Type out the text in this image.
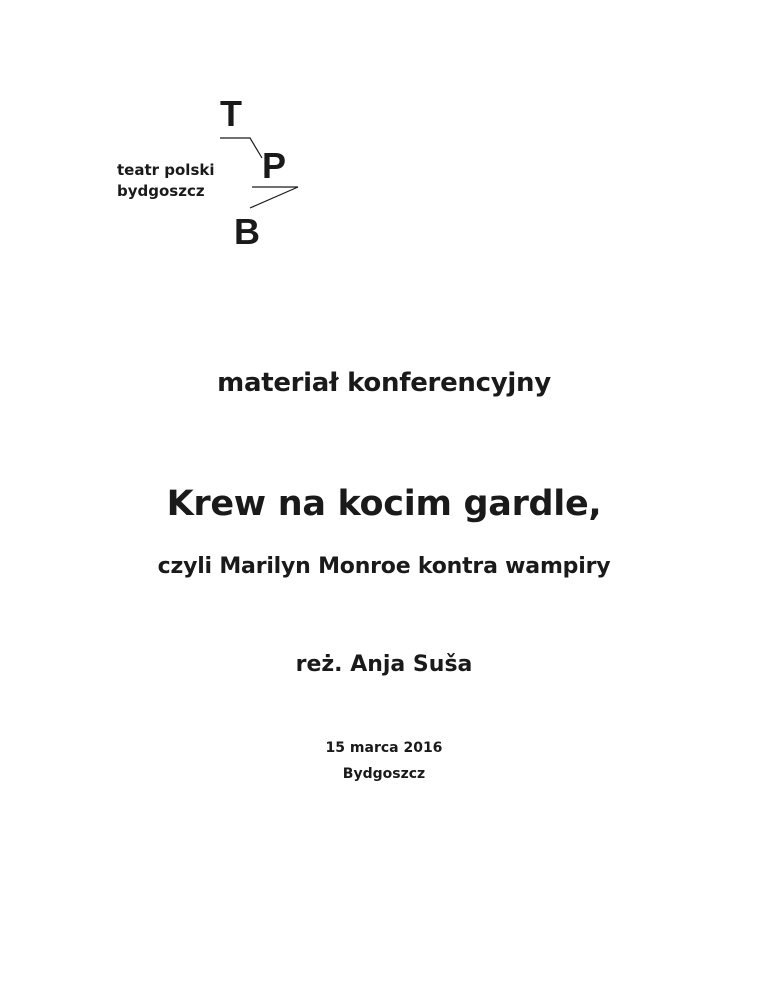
T
P
B
teatr polski
bydgoszcz
materiał konferencyjny
Krew na kocim gardle,
czyli Marilyn Monroe kontra wampiry
reż. Anja Suša
15 marca 2016
Bydgoszcz
